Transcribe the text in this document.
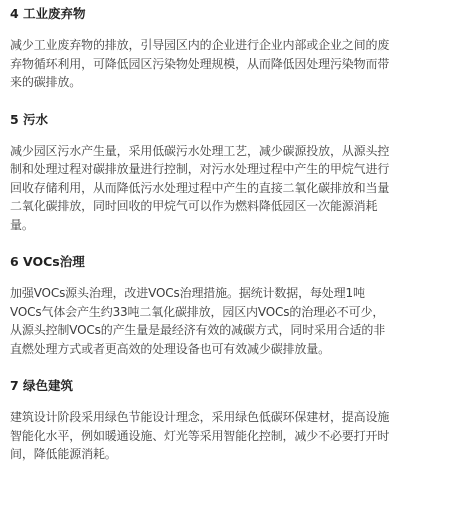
4 工业废弃物
减少工业废弃物的排放，引导园区内的企业进行企业内部或企业之间的废
弃物循环利用，可降低园区污染物处理规模，从而降低因处理污染物而带
来的碳排放。
5 污水
减少园区污水产生量，采用低碳污水处理工艺，减少碳源投放，从源头控
制和处理过程对碳排放量进行控制，对污水处理过程中产生的甲烷气进行
回收存储利用，从而降低污水处理过程中产生的直接二氧化碳排放和当量
二氧化碳排放，同时回收的甲烷气可以作为燃料降低园区一次能源消耗
量。
6 VOCs治理
加强VOCs源头治理，改进VOCs治理措施。据统计数据，每处理1吨
VOCs气体会产生约33吨二氧化碳排放，园区内VOCs的治理必不可少，
从源头控制VOCs的产生量是最经济有效的减碳方式，同时采用合适的非
直燃处理方式或者更高效的处理设备也可有效减少碳排放量。
7 绿色建筑
建筑设计阶段采用绿色节能设计理念，采用绿色低碳环保建材，提高设施
智能化水平，例如暖通设施、灯光等采用智能化控制，减少不必要打开时
间，降低能源消耗。
